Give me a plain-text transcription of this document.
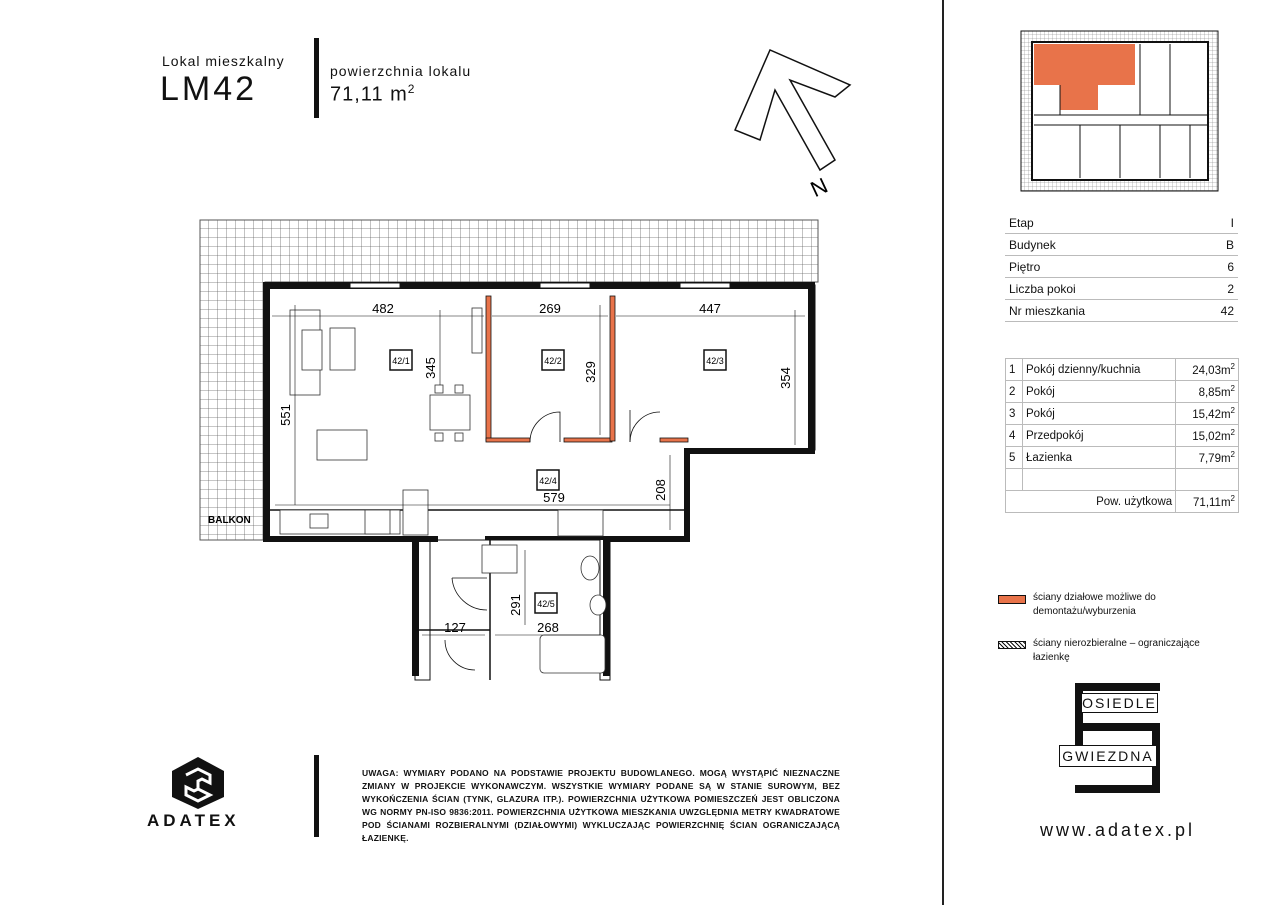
Lokal mieszkalny
LM42	powierzchnia lokalu
71,11 $m^2$
N
42/1	42/2	42/3
42/4
42/5
482	269	447
345	329	354
551
579	208
291
268
127
BALKON
Etap	I
Budynek	B
Piętro	6
Liczba pokoi	2
Nr mieszkania	42
1	Pokój dzienny/kuchnia	$24,03m^2$
2	Pokój	$8,85m^2$
3	Pokój	$15,42m^2$
4	Przedpokój	$15,02m^2$
5	Łazienka	$7,79m^2$

Pow. użytkowa		$71,11m^2$
ściany działowe możliwe do demontażu/wyburzenia
ściany nierozbieralne – ograniczające łazienkę
OSIEDLE
GWIEZDNA
www.adatex.pl
ADATEX
UWAGA: WYMIARY PODANO NA PODSTAWIE PROJEKTU BUDOWLANEGO. MOGĄ WYSTĄPIĆ NIEZNACZNE ZMIANY W PROJEKCIE WYKONAWCZYM. WSZYSTKIE WYMIARY PODANE SĄ W STANIE SUROWYM, BEZ WYKOŃCZENIA ŚCIAN (TYNK, GLAZURA ITP.). POWIERZCHNIA UŻYTKOWA POMIESZCZEŃ JEST OBLICZONA WG NORMY PN-ISO 9836:2011. POWIERZCHNIA UŻYTKOWA MIESZKANIA UWZGLĘDNIA METRY KWADRATOWE POD ŚCIANAMI ROZBIERALNYMI (DZIAŁOWYMI) WYKLUCZAJĄC POWIERZCHNIĘ ŚCIAN OGRANICZAJĄCĄ ŁAZIENKĘ.
